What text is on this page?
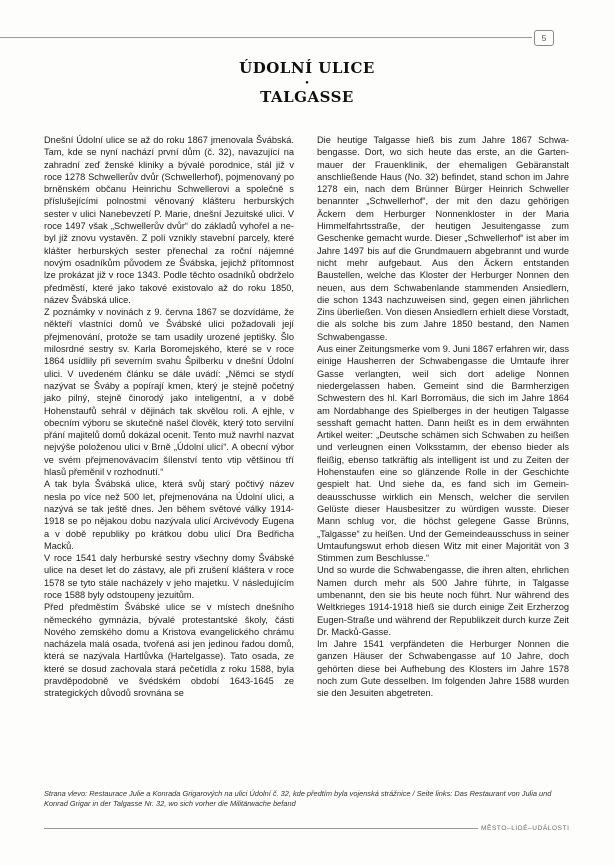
5
ÚDOLNÍ ULICE
•
TALGASSE

Dnešní Údolní ulice se až do roku 1867 jmenovala Švábská. Tam, kde se nyní nachází první dům (č. 32), navazující na zahradní zeď ženské kliniky a bývalé porodnice, stál již v roce 1278 Schwellerův dvůr (Schwellerhof), pojmenovaný po brněnském občanu Heinrichu Schwellerovi a společně s příslušejícími polnostmi věnovaný klášteru herburských sester v ulici Nanebevzetí P. Marie, dnešní Jezuitské ulici. V roce 1497 však „Schwellerův dvůr“ do základů vyhořel a nebyl již znovu vystavěn. Z polí vznikly stavební parcely, které klášter herburských sester přenechal za roční nájemné novým osadníkům původem ze Švábska, jejichž přítomnost lze prokázat již v roce 1343. Podle těchto osadníků obdrželo předměstí, které jako takové existovalo až do roku 1850, název Švábská ulice.

Z poznámky v novinách z 9. června 1867 se dozvídáme, že někteří vlastníci domů ve Švábské ulici požadovali její přejmenování, protože se tam usadily urozené jeptišky. Šlo milosrdné sestry sv. Karla Boromejského, které se v roce 1864 usídlily při severním svahu Špilberku v dnešní Údolní ulici. V uvedeném článku se dále uvádí: „Němci se stydí nazývat se Šváby a popírají kmen, který je stejně početný jako pilný, stejně činorodý jako inteligentní, a v době Hohenstaufů sehrál v dějinách tak skvělou roli. A ejhle, v obecním výboru se skutečně našel člověk, který toto servilní přání majitelů domů dokázal ocenit. Tento muž navrhl nazvat nejvýše položenou ulici v Brně „Údolní ulicí“. A obecní výbor ve svém přejmenovávacím šílenství tento vtip většinou tří hlasů přeměnil v rozhodnutí.“

A tak byla Švábská ulice, která svůj starý počtivý název nesla po více než 500 let, přejmenována na Údolní ulici, a nazývá se tak ještě dnes. Jen během světové války 1914-1918 se po nějakou dobu nazývala ulicí Arcivévody Eugena a v době republiky po krátkou dobu ulicí Dra Bedřicha Macků.

V roce 1541 daly herburské sestry všechny domy Švábské ulice na deset let do zástavy, ale při zrušení kláštera v roce 1578 se tyto stále nacházely v jeho majetku. V následujícím roce 1588 byly odstoupeny jezuitům.

Před předměstím Švábské ulice se v místech dnešního německého gymnázia, bývalé protestantské školy, části Nového zemského domu a Kristova evangelického chrámu nacházela malá osada, tvořená asi jen jedinou řadou domů, která se nazývala Hartlůvka (Hartelgasse). Tato osada, ze které se dosud zachovala stará pečetídla z roku 1588, byla pravděpodobně ve švédském období 1643-1645 ze strategických důvodů srovnána se

Die heutige Talgasse hieß bis zum Jahre 1867 Schwabengasse. Dort, wo sich heute das erste, an die Gartenmauer der Frauenklinik, der ehemaligen Gebäranstalt anschließende Haus (No. 32) befindet, stand schon im Jahre 1278 ein, nach dem Brünner Bürger Heinrich Schweller benannter „Schwellerhof“, der mit den dazu gehörigen Äckern dem Herburger Nonnenkloster in der Maria Himmelfahrtsstraße, der heutigen Jesuitengasse zum Geschenke gemacht wurde. Dieser „Schwellerhof“ ist aber im Jahre 1497 bis auf die Grundmauern abgebrannt und wurde nicht mehr aufgebaut. Aus den Äckern entstanden Baustellen, welche das Kloster der Herburger Nonnen den neuen, aus dem Schwabenlande stammenden Ansiedlern, die schon 1343 nachzuweisen sind, gegen einen jährlichen Zins überließen. Von diesen Ansiedlern erhielt diese Vorstadt, die als solche bis zum Jahre 1850 bestand, den Namen Schwabengasse.

Aus einer Zeitungsmerke vom 9. Juni 1867 erfahren wir, dass einige Hausherren der Schwabengasse die Umtaufe ihrer Gasse verlangten, weil sich dort adelige Nonnen niedergelassen haben. Gemeint sind die Barmherzigen Schwestern des hl. Karl Borromäus, die sich im Jahre 1864 am Nordabhange des Spielberges in der heutigen Talgasse sesshaft gemacht hatten. Dann heißt es in dem erwähnten Artikel weiter: „Deutsche schämen sich Schwaben zu heißen und verleugnen einen Volksstamm, der ebenso bieder als fleißig, ebenso tatkräftig als intelligent ist und zu Zeiten der Hohenstaufen eine so glänzende Rolle in der Geschichte gespielt hat. Und siehe da, es fand sich im Gemeindeausschusse wirklich ein Mensch, welcher die servilen Gelüste dieser Hausbesitzer zu würdigen wusste. Dieser Mann schlug vor, die höchst gelegene Gasse Brünns, „Talgasse“ zu heißen. Und der Gemeindeausschuss in seiner Umtaufungswut erhob diesen Witz mit einer Majorität von 3 Stimmen zum Beschlusse.“

Und so wurde die Schwabengasse, die ihren alten, ehrlichen Namen durch mehr als 500 Jahre führte, in Talgasse umbenannt, den sie bis heute noch führt. Nur während des Weltkrieges 1914-1918 hieß sie durch einige Zeit Erzherzog Eugen-Straße und während der Republikzeit durch kurze Zeit Dr. Macků-Gasse.

Im Jahre 1541 verpfändeten die Herburger Nonnen die ganzen Häuser der Schwabengasse auf 10 Jahre, doch gehörten diese bei Aufhebung des Klosters im Jahre 1578 noch zum Gute desselben. Im folgenden Jahre 1588 wurden sie den Jesuiten abgetreten.

Strana vlevo: Restaurace Julie a Konrada Grigarových na ulici Údolní č. 32, kde předtím byla vojenská strážnice / Seite links: Das Restaurant von Julia und Konrad Grigar in der Talgasse Nr. 32, wo sich vorher die Militärwache befand
MĚSTO–LIDÉ–UDÁLOSTI
